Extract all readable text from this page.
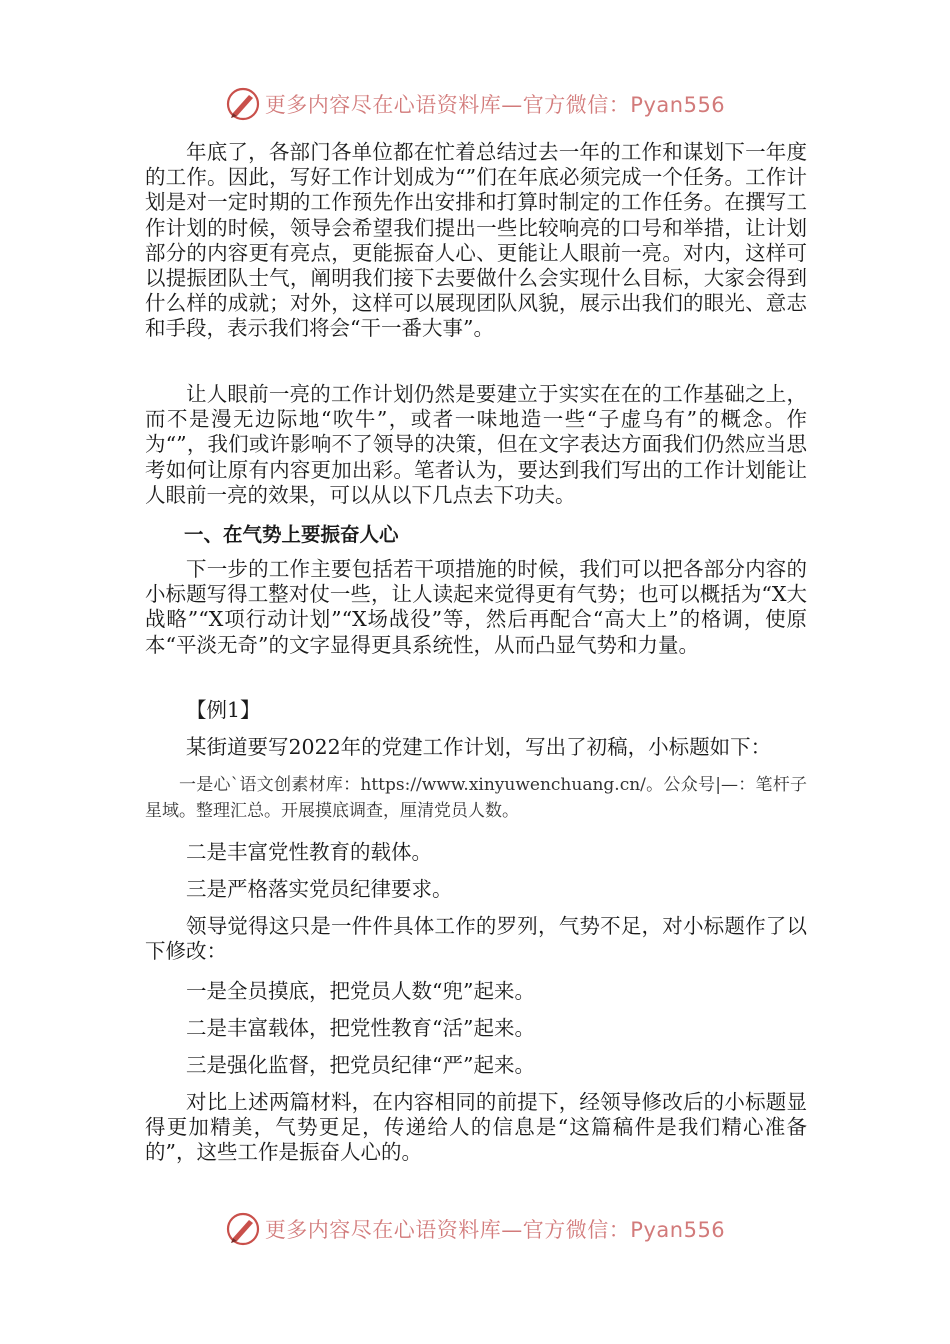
更多内容尽在心语资料库—官方微信：Pyan556

年底了，各部门各单位都在忙着总结过去一年的工作和谋划下一年度的工作。因此，写好工作计划成为“”们在年底必须完成一个任务。工作计划是对一定时期的工作预先作出安排和打算时制定的工作任务。在撰写工作计划的时候，领导会希望我们提出一些比较响亮的口号和举措，让计划部分的内容更有亮点，更能振奋人心、更能让人眼前一亮。对内，这样可以提振团队士气，阐明我们接下去要做什么会实现什么目标，大家会得到什么样的成就；对外，这样可以展现团队风貌，展示出我们的眼光、意志和手段，表示我们将会“干一番大事”。

让人眼前一亮的工作计划仍然是要建立于实实在在的工作基础之上，而不是漫无边际地“吹牛”，或者一味地造一些“子虚乌有”的概念。作为“”，我们或许影响不了领导的决策，但在文字表达方面我们仍然应当思考如何让原有内容更加出彩。笔者认为，要达到我们写出的工作计划能让人眼前一亮的效果，可以从以下几点去下功夫。

一、在气势上要振奋人心

下一步的工作主要包括若干项措施的时候，我们可以把各部分内容的小标题写得工整对仗一些，让人读起来觉得更有气势；也可以概括为“X大战略”“X项行动计划”“X场战役”等，然后再配合“高大上”的格调，使原本“平淡无奇”的文字显得更具系统性，从而凸显气势和力量。

【例1】

某街道要写2022年的党建工作计划，写出了初稿，小标题如下：

一是心`语文创素材库：https://www.xinyuwenchuang.cn/。公众号|—：笔杆子星域。整理汇总。开展摸底调查，厘清党员人数。

二是丰富党性教育的载体。

三是严格落实党员纪律要求。

领导觉得这只是一件件具体工作的罗列，气势不足，对小标题作了以下修改：

一是全员摸底，把党员人数“兜”起来。

二是丰富载体，把党性教育“活”起来。

三是强化监督，把党员纪律“严”起来。

对比上述两篇材料，在内容相同的前提下，经领导修改后的小标题显得更加精美，气势更足，传递给人的信息是“这篇稿件是我们精心准备的”，这些工作是振奋人心的。

更多内容尽在心语资料库—官方微信：Pyan556
